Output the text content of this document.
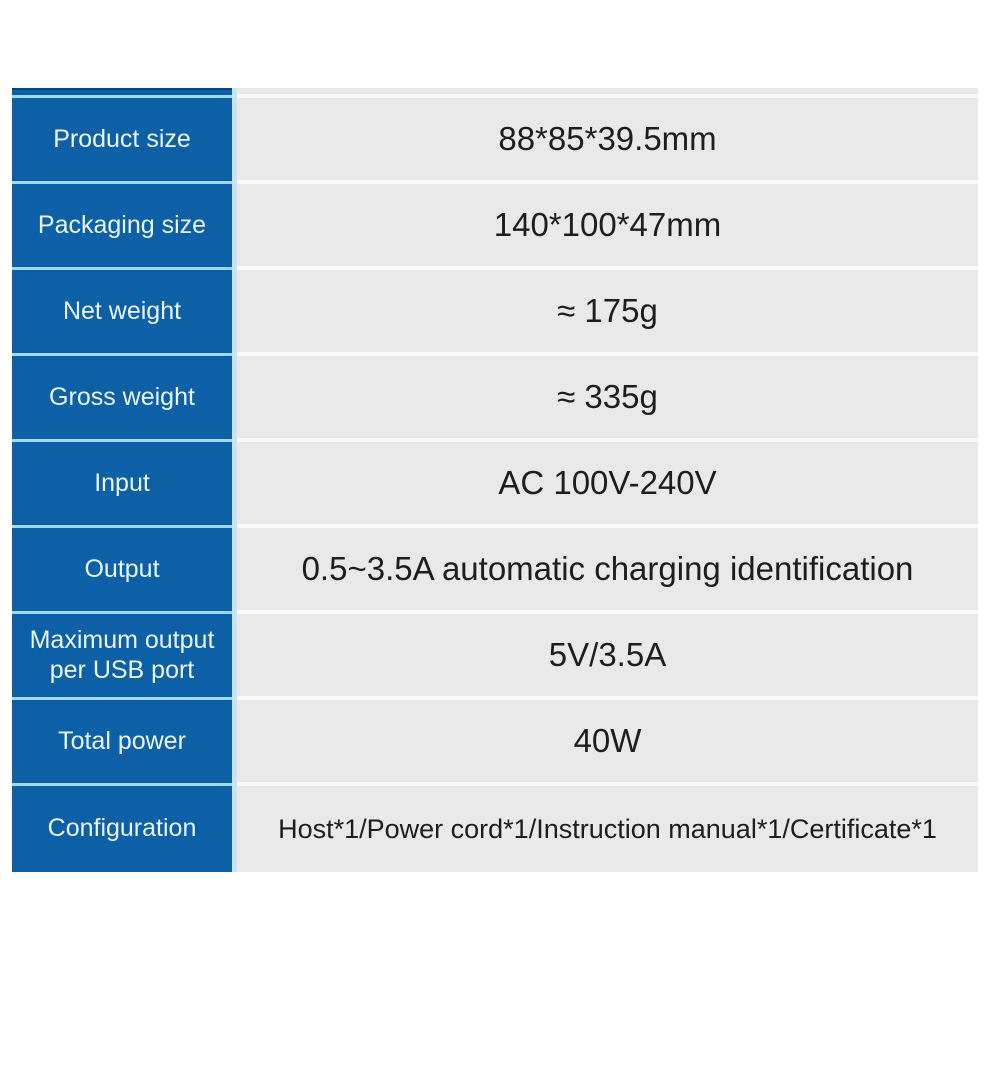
Product size	88*85*39.5mm
Packaging size	140*100*47mm
Net weight	≈ 175g
Gross weight	≈ 335g
Input	AC 100V-240V
Output	0.5~3.5A automatic charging identification
Maximum output per USB port	5V/3.5A
Total power	40W
Configuration	Host*1/Power cord*1/Instruction manual*1/Certificate*1
